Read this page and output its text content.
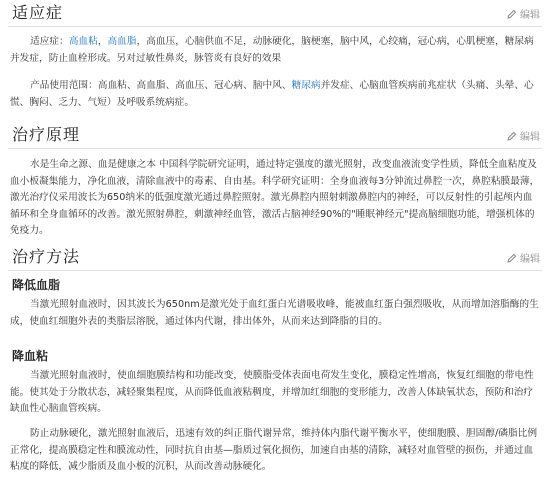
适应症	编辑

适应症：高血粘，高血脂，高血压，心脑供血不足，动脉硬化，脑梗塞，脑中风，心绞痛，冠心病，心肌梗塞，糖尿病并发症，防止血栓形成。另对过敏性鼻炎，脉管炎有良好的效果

产品使用范围：高血粘、高血脂、高血压、冠心病、脑中风、糖尿病并发症、心脑血管疾病前兆症状（头痛、头晕、心慌、胸闷、乏力、气短）及呼吸系统病症。

治疗原理	编辑

水是生命之源、血是健康之本 中国科学院研究证明，通过特定强度的激光照射，改变血液流变学性质，降低全血粘度及血小板凝集能力，净化血液，清除血液中的毒素、自由基。科学研究证明：全身血液每3分钟流过鼻腔一次，鼻腔粘膜最薄，激光治疗仪采用波长为650纳米的低强度激光通过鼻腔照射。激光鼻腔内照射刺激鼻腔内的神经，可以反射性的引起颅内血循环和全身血循环的改善。激光照射鼻腔，刺激神经血管，激活占脑神经90%的"睡眠神经元"提高脑细胞功能，增强机体的免疫力。

治疗方法	编辑
降低血脂

当激光照射血液时，因其波长为650nm是激光处于血红蛋白光谱吸收峰，能被血红蛋白强烈吸收，从而增加溶脂酶的生成，使血红细胞外表的类脂层溶脱，通过体内代谢，排出体外，从而来达到降脂的目的。

降血粘

当激光照射血液时，使血细胞膜结构和功能改变，使膜脂受体表面电荷发生变化，膜稳定性增高，恢复红细胞的带电性能。使其处于分散状态，减轻聚集程度，从而降低血液粘稠度，并增加红细胞的变形能力，改善人体缺氧状态，预防和治疗缺血性心脑血管疾病。

防止动脉硬化，激光照射血液后，迅速有效的纠正脂代谢异常，维持体内脂代谢平衡水平，使细胞膜、胆固醇/磷脂比例正常化，提高膜稳定性和膜流动性，同时抗自由基—脂质过氧化损伤，加速自由基的清除，减轻对血管壁的损伤，并通过血粘度的降低，减少脂质及血小板的沉积，从而改善动脉硬化。
